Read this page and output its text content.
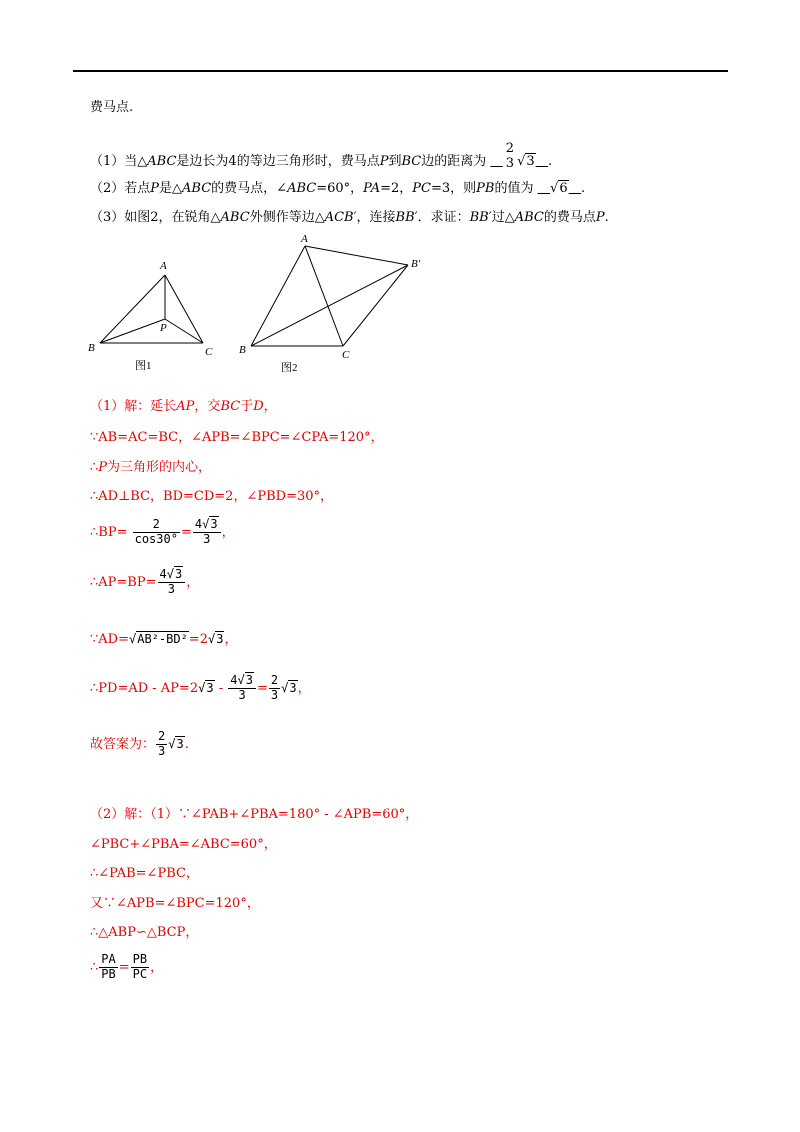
费马点.
（1）当△ABC是边长为4的等边三角形时，费马点P到BC边的距离为
2
3 √3 .
（2）若点P是△ABC的费马点，∠ABC=60°，PA=2，PC=3，则PB的值为 √6 .
（3）如图2，在锐角△ABC外侧作等边△ACB′，连接BB′．求证：BB′过△ABC的费马点P.
A
B	C
P
图1
A
B	C
B′
图2
（1）解：延长AP，交BC于D，
∵AB=AC=BC，∠APB=∠BPC=∠CPA=120°，
∴P为三角形的内心，
∴AD⊥BC，BD=CD=2，∠PBD=30°，
∴BP= $\frac{2}{\cos 30^\circ} = \frac{4√3}{3}$ ，
∴AP=BP= $\frac{4√3}{3}$ ，
∵AD=√AB²-BD²=2√3，
∴PD=AD - $AP=2√3 - \frac{4√3}{3} = \frac{2}{3} √3$，
故答案为： $\frac{2}{3} √3$.
（2）解：（1）∵∠PAB+∠PBA=180° - ∠APB=60°，
∠PBC+∠PBA=∠ABC=60°，
∴∠PAB=∠PBC，
又∵∠APB=∠BPC=120°，
∴△ABP∽△BCP，
∴ $\frac{PA}{PB} = \frac{PB}{PC}$ ，
